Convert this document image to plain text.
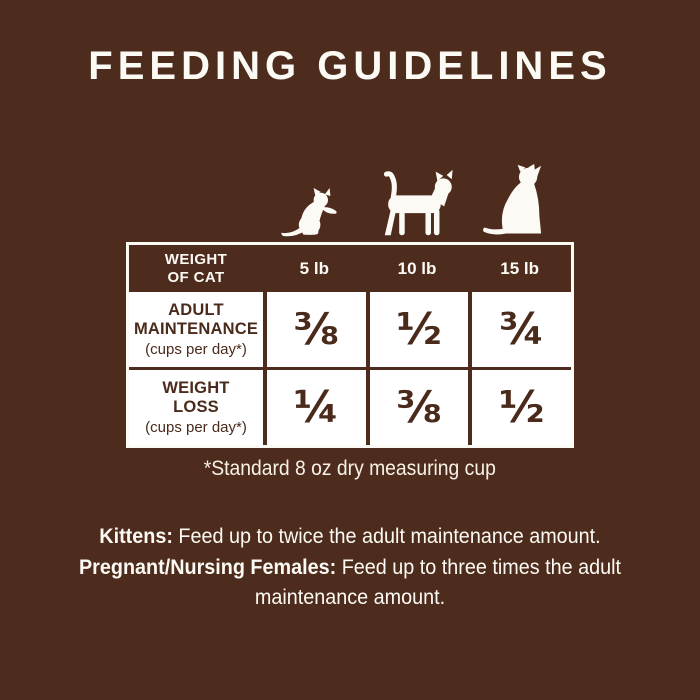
FEEDING GUIDELINES
WEIGHT
OF CAT	5 lb	10 lb	15 lb

ADULT
MAINTENANCE
(cups per day*)	⅜	½	¾

WEIGHT
LOSS
(cups per day*)	¼	⅜	½
*Standard 8 oz dry measuring cup
Kittens: Feed up to twice the adult maintenance amount.
Pregnant/Nursing Females: Feed up to three times the adult maintenance amount.
